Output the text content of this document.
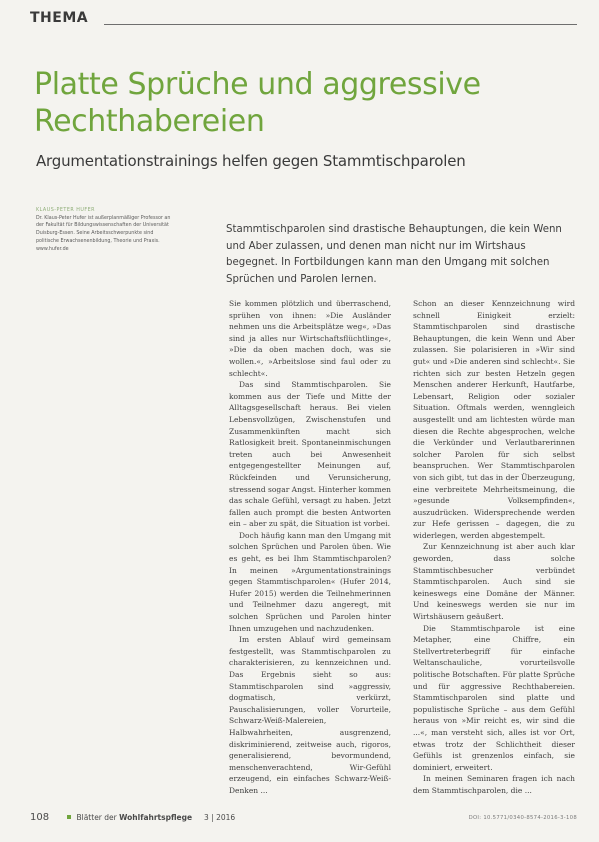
THEMA
Platte Sprüche und aggressive Rechthabereien
Argumentationstrainings helfen gegen Stammtischparolen
KLAUS-PETER HUFER
Dr. Klaus-Peter Hufer ist außerplanmäßiger Professor an der Fakultät für Bildungswissenschaften der Universität Duisburg-Essen. Seine Arbeitsschwerpunkte sind politische Erwachsenenbildung, Theorie und Praxis.
www.hufer.de
Stammtischparolen sind drastische Behauptungen, die kein Wenn und Aber zulassen, und denen man nicht nur im Wirtshaus begegnet. In Fortbildungen kann man den Umgang mit solchen Sprüchen und Parolen lernen.

Sie kommen plötzlich und überraschend, sprühen von ihnen: »Die Ausländer nehmen uns die Arbeitsplätze weg«, »Das sind ja alles nur Wirtschaftsflüchtlinge«, »Die da oben machen doch, was sie wollen.«, »Arbeitslose sind faul oder zu schlecht«.

Das sind Stammtischparolen. Sie kommen aus der Tiefe und Mitte der Alltagsgesellschaft heraus. Bei vielen Lebensvollzügen, Zwischenstufen und Zusammenkünften macht sich Ratlosigkeit breit. Spontaneinmischungen treten auch bei Anwesenheit entgegengestellter Meinungen auf, Rückfeinden und Verunsicherung, stressend sogar Angst. Hinterher kommen das schale Gefühl, versagt zu haben. Jetzt fallen auch prompt die besten Antworten ein – aber zu spät, die Situation ist vorbei.

Doch häufig kann man den Umgang mit solchen Sprüchen und Parolen üben. Wie es geht, es bei Ihm Stammtischparolen? In meinen »Argumentationstrainings gegen Stammtischparolen« (Hufer 2014, Hufer 2015) werden die Teilnehmerinnen und Teilnehmer dazu angeregt, mit solchen Sprüchen und Parolen hinter Ihnen umzugehen und nachzudenken.

Im ersten Ablauf wird gemeinsam festgestellt, was Stammtischparolen zu charakterisieren, zu kennzeichnen und. Das Ergebnis sieht so aus: Stammtischparolen sind »aggressiv, dogmatisch, verkürzt, Pauschalisierungen, voller Vorurteile, Schwarz-Weiß-Malereien, Halbwahrheiten, ausgrenzend, diskriminierend, zeitweise auch, rigoros, generalisierend, bevormundend, menschenverachtend, Wir-Gefühl erzeugend, ein einfaches Schwarz-Weiß-Denken ...

Schon an dieser Kennzeichnung wird schnell Einigkeit erzielt: Stammtischparolen sind drastische Behauptungen, die kein Wenn und Aber zulassen. Sie polarisieren in »Wir sind gut« und »Die anderen sind schlecht«. Sie richten sich zur besten Hetzeln gegen Menschen anderer Herkunft, Hautfarbe, Lebensart, Religion oder sozialer Situation. Oftmals werden, wenngleich ausgestellt und am lichtesten würde man diesen die Rechte abgesprochen, welche die Verkünder und Verlautbarerinnen solcher Parolen für sich selbst beanspruchen. Wer Stammtischparolen von sich gibt, tut das in der Überzeugung, eine verbreitete Mehrheitsmeinung, die »gesunde Volksempfinden«, auszudrücken. Widersprechende werden zur Hefe gerissen – dagegen, die zu widerlegen, werden abgestempelt.

Zur Kennzeichnung ist aber auch klar geworden, dass solche Stammtischbesucher verbündet Stammtischparolen. Auch sind sie keineswegs eine Domäne der Männer. Und keineswegs werden sie nur im Wirtshäusern geäußert.

Die Stammtischparole ist eine Metapher, eine Chiffre, ein Stellvertreterbegriff für einfache Weltanschauliche, vorurteilsvolle politische Botschaften. Für platte Sprüche und für aggressive Rechthabereien. Stammtischparolen sind platte und populistische Sprüche – aus dem Gefühl heraus von »Mir reicht es, wir sind die ...«, man versteht sich, alles ist vor Ort, etwas trotz der Schlichtheit dieser Gefühls ist grenzenlos einfach, sie dominiert, erweitert.

In meinen Seminaren fragen ich nach dem Stammtischparolen, die ...

108	Blätter der Wohlfahrtspflege 3 | 2016	DOI: 10.5771/0340-8574-2016-3-108
